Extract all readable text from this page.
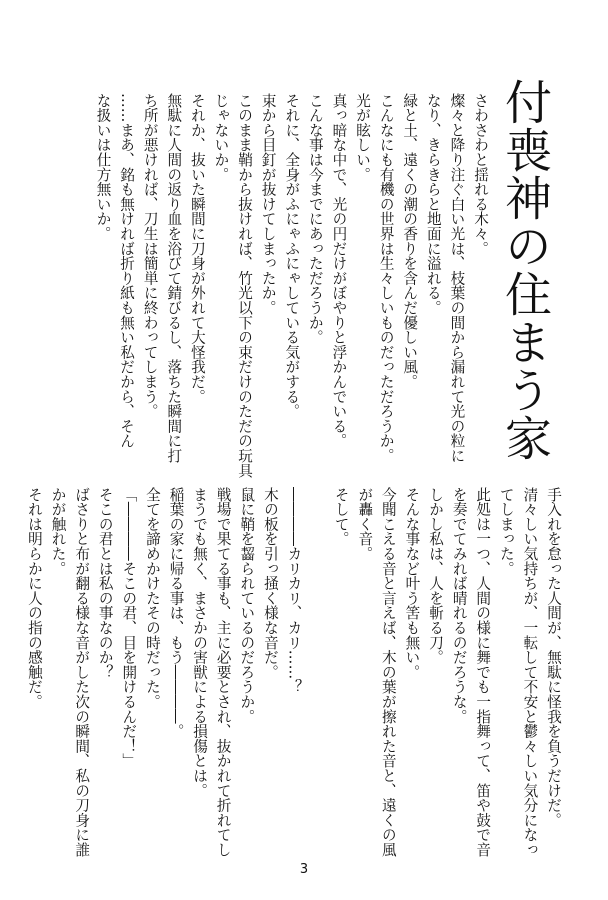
付喪神の住まう家
さわさわと揺れる木々。
燦々と降り注ぐ白い光は、枝葉の間から漏れて光の粒に
なり、きらきらと地面に溢れる。
緑と土、遠くの潮の香りを含んだ優しい風。
こんなにも有機の世界は生々しいものだっただろうか。
光が眩しい。
真っ暗な中で、光の円だけがぼやりと浮かんでいる。
こんな事は今までにあっただろうか。
それに、全身がふにゃふにゃしている気がする。
束から目釘が抜けてしまったか。
このまま鞘から抜ければ、竹光以下の束だけのただの玩具
じゃないか。
それか、抜いた瞬間に刀身が外れて大怪我だ。
無駄に人間の返り血を浴びて錆びるし、落ちた瞬間に打
ち所が悪ければ、刀生は簡単に終わってしまう。
……まあ、銘も無ければ折り紙も無い私だから、そん
な扱いは仕方無いか。
手入れを怠った人間が、無駄に怪我を負うだけだ。
清々しい気持ちが、一転して不安と鬱々しい気分になっ
てしまった。
此処は一つ、人間の様に舞でも一指舞って、笛や鼓で音
を奏でてみれば晴れるのだろうな。
しかし私は、人を斬る刀。
そんな事など叶う筈も無い。
今聞こえる音と言えば、木の葉が擦れた音と、遠くの風
が轟く音。
そして。

――――カリカリ、カリ……？
木の板を引っ掻く様な音だ。
鼠に鞘を齧られているのだろうか。
戦場で果てる事も、主に必要とされ、抜かれて折れてし
まうでも無く、まさかの害獣による損傷とは。
稲葉の家に帰る事は、もう――――。
全てを諦めかけたその時だった。
「――――そこの君、目を開けるんだ！」
そこの君とは私の事なのか？
ばさりと布が翻る様な音がした次の瞬間、私の刀身に誰
かが触れた。
それは明らかに人の指の感触だ。
3
